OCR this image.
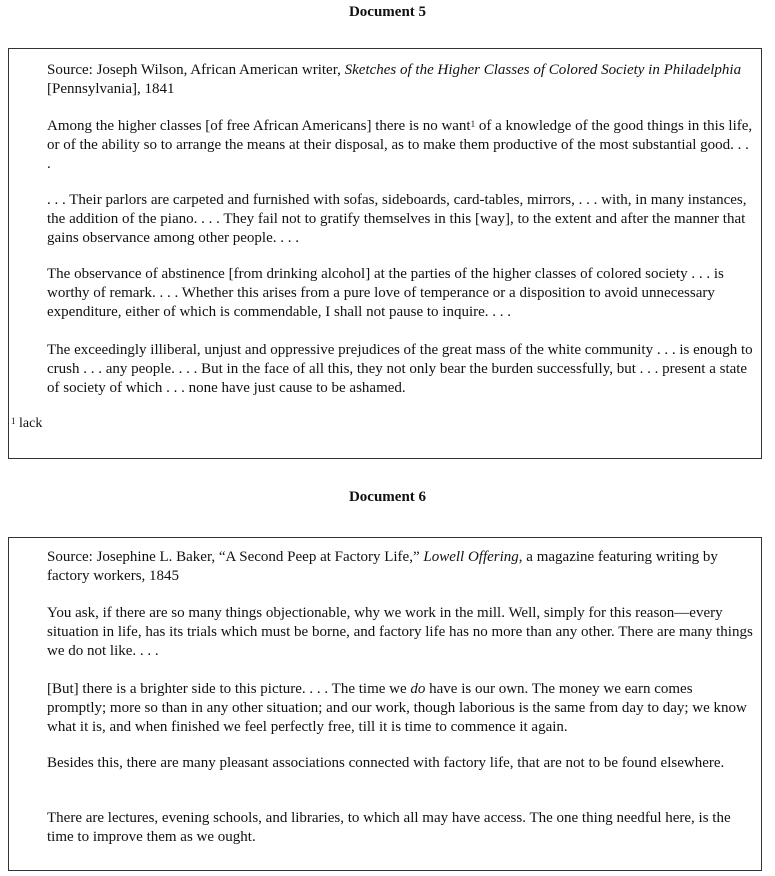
Document 5

Source: Joseph Wilson, African American writer, Sketches of the Higher Classes of Colored Society in Philadelphia [Pennsylvania], 1841

Among the higher classes [of free African Americans] there is no want$^1$ of a knowledge of the good things in this life, or of the ability so to arrange the means at their disposal, as to make them productive of the most substantial good. . . .

. . . Their parlors are carpeted and furnished with sofas, sideboards, card-tables, mirrors, . . . with, in many instances, the addition of the piano. . . . They fail not to gratify themselves in this [way], to the extent and after the manner that gains observance among other people. . . .

The observance of abstinence [from drinking alcohol] at the parties of the higher classes of colored society . . . is worthy of remark. . . . Whether this arises from a pure love of temperance or a disposition to avoid unnecessary expenditure, either of which is commendable, I shall not pause to inquire. . . .

The exceedingly illiberal, unjust and oppressive prejudices of the great mass of the white community . . . is enough to crush . . . any people. . . . But in the face of all this, they not only bear the burden successfully, but . . . present a state of society of which . . . none have just cause to be ashamed.

$^1$ lack
Document 6

Source: Josephine L. Baker, “A Second Peep at Factory Life,” Lowell Offering, a magazine featuring writing by factory workers, 1845

You ask, if there are so many things objectionable, why we work in the mill. Well, simply for this reason—every situation in life, has its trials which must be borne, and factory life has no more than any other. There are many things we do not like. . . .

[But] there is a brighter side to this picture. . . . The time we do have is our own. The money we earn comes promptly; more so than in any other situation; and our work, though laborious is the same from day to day; we know what it is, and when finished we feel perfectly free, till it is time to commence it again.

Besides this, there are many pleasant associations connected with factory life, that are not to be found elsewhere.

There are lectures, evening schools, and libraries, to which all may have access. The one thing needful here, is the time to improve them as we ought.
